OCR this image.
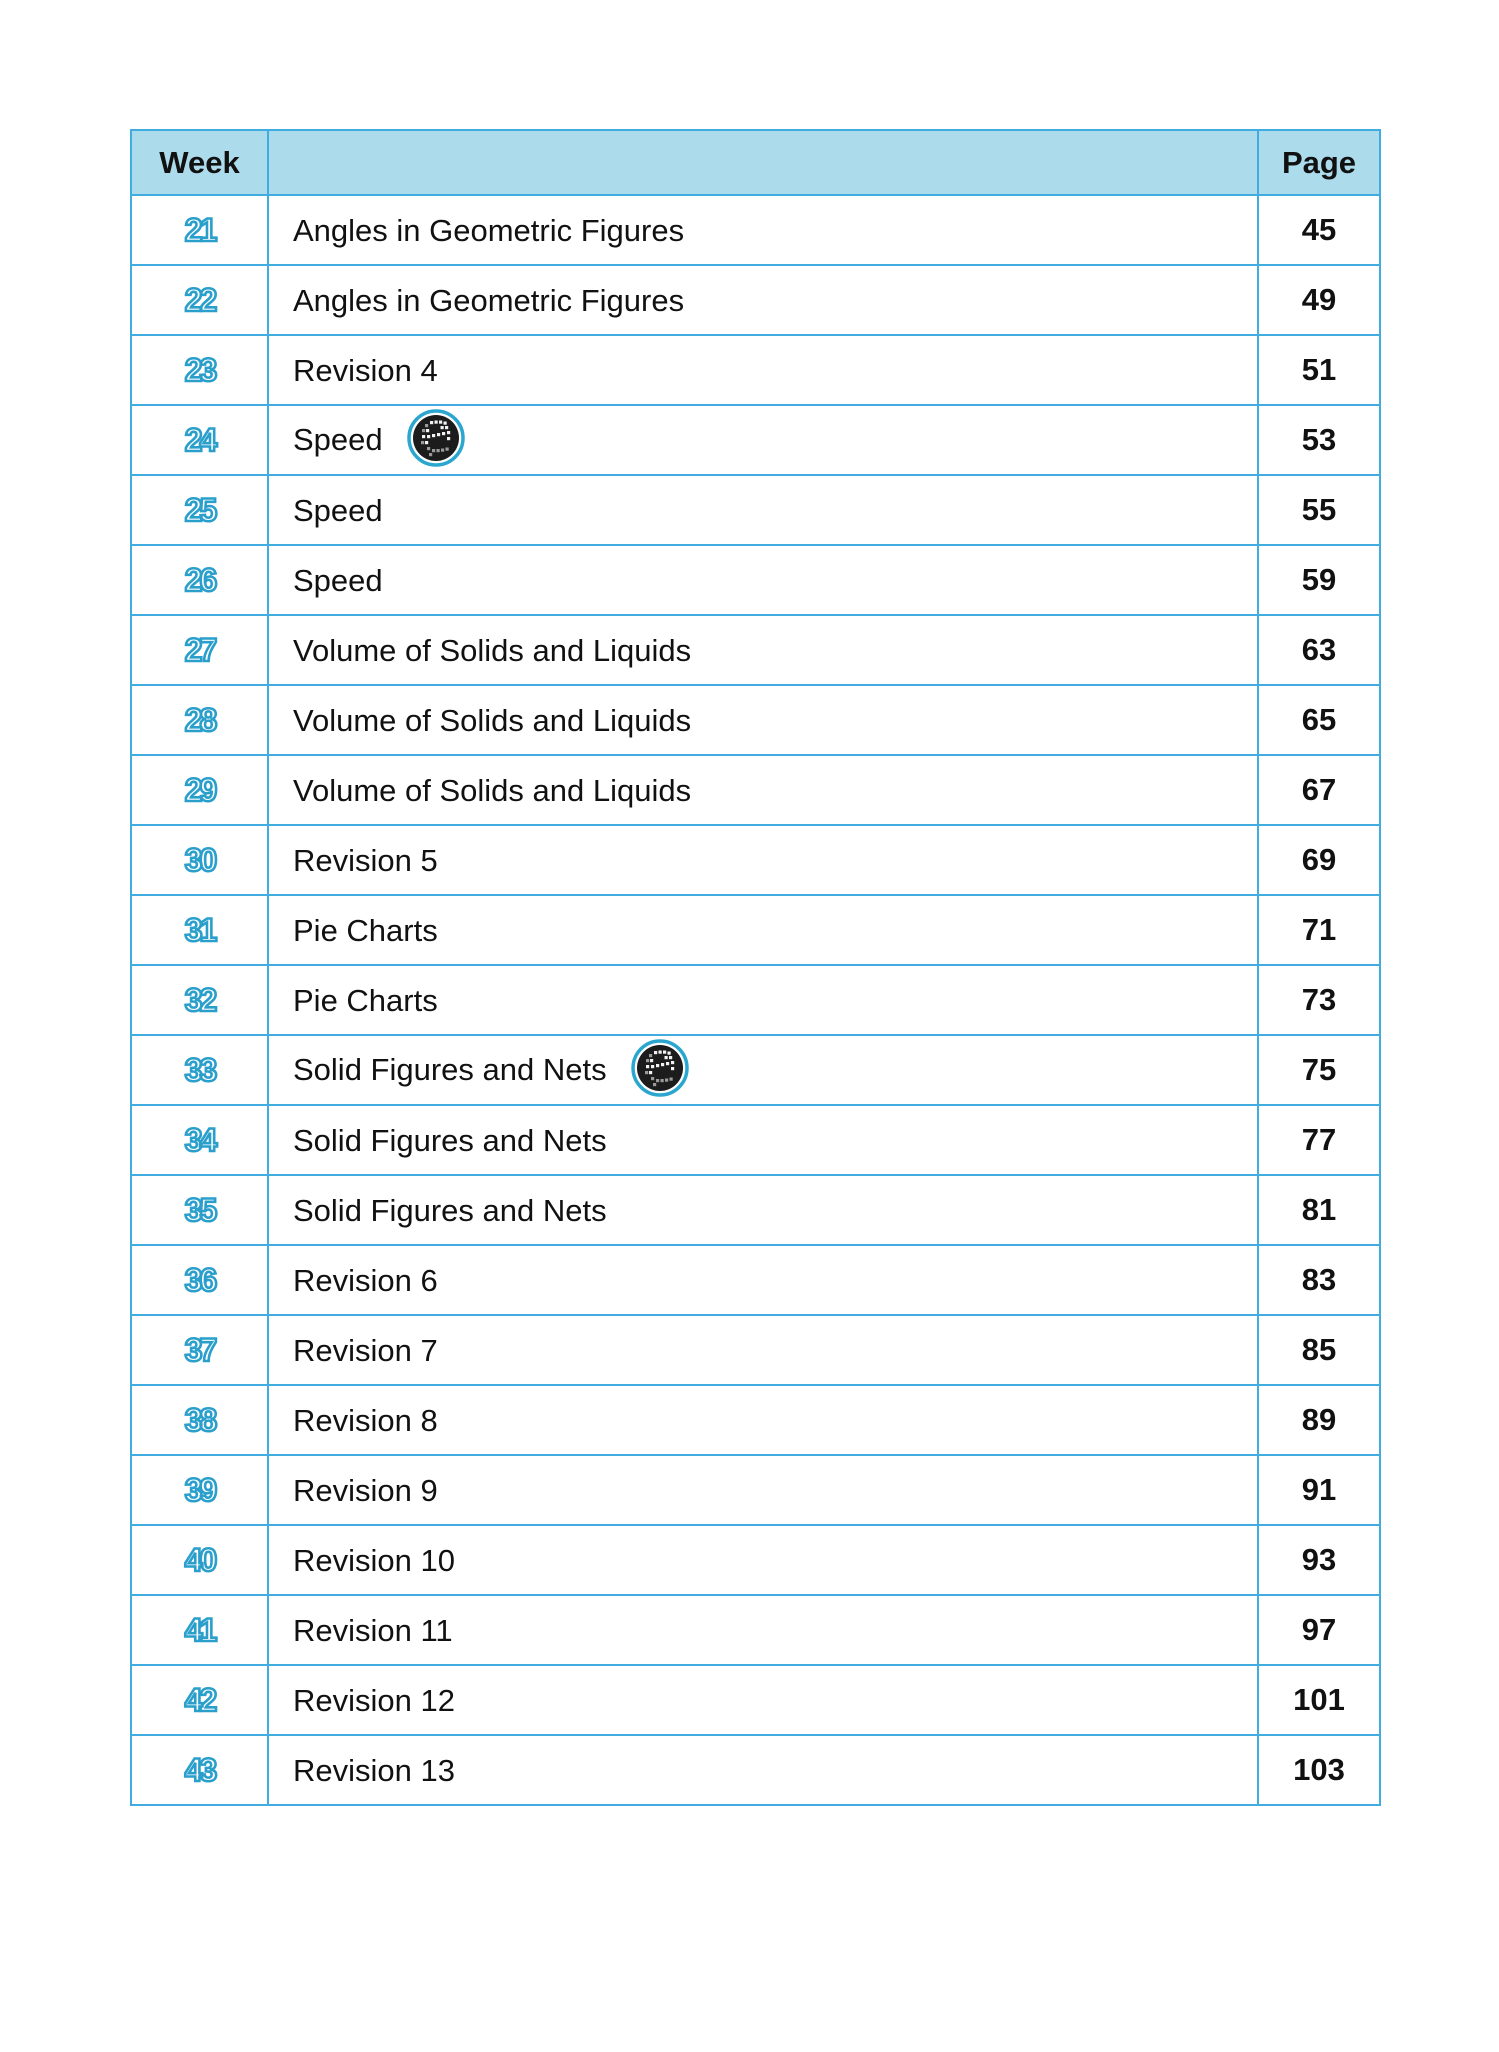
Week		Page

21	Angles in Geometric Figures	45

22	Angles in Geometric Figures	49

23	Revision 4	51

24	Speed	53

25	Speed	55

26	Speed	59

27	Volume of Solids and Liquids	63

28	Volume of Solids and Liquids	65

29	Volume of Solids and Liquids	67

30	Revision 5	69

31	Pie Charts	71

32	Pie Charts	73

33	Solid Figures and Nets	75

34	Solid Figures and Nets	77

35	Solid Figures and Nets	81

36	Revision 6	83

37	Revision 7	85

38	Revision 8	89

39	Revision 9	91

40	Revision 10	93

41	Revision 11	97

42	Revision 12	101

43	Revision 13	103
